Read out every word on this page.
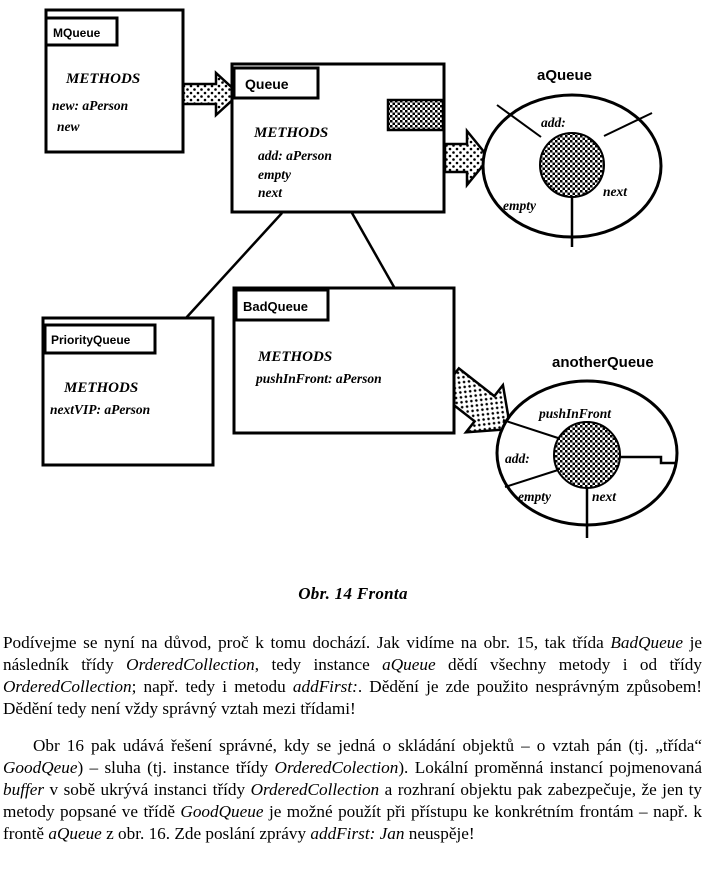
MQueue
METHODS
new: aPerson
new
Queue
METHODS
add: aPerson
empty
next
PriorityQueue
METHODS
nextVIP: aPerson
BadQueue
METHODS
pushInFront: aPerson
aQueue
add:
empty
next
anotherQueue
pushInFront
add:
empty	next
Obr. 14 Fronta

Podívejme se nyní na důvod, proč k tomu dochází. Jak vidíme na obr. 15, tak třída BadQueue je následník třídy OrderedCollection, tedy instance aQueue dědí všechny metody i od třídy OrderedCollection; např. tedy i metodu addFirst:. Dědění je zde použito nesprávným způsobem! Dědění tedy není vždy správný vztah mezi třídami!

Obr 16 pak udává řešení správné, kdy se jedná o skládání objektů – o vztah pán (tj. „třída“ GoodQeue) – sluha (tj. instance třídy OrderedColection). Lokální proměnná instancí pojmenovaná buffer v sobě ukrývá instanci třídy OrderedCollection a rozhraní objektu pak zabezpečuje, že jen ty metody popsané ve třídě GoodQueue je možné použít při přístupu ke konkrétním frontám – např. k frontě aQueue z obr. 16. Zde poslání zprávy addFirst: Jan neuspěje!
